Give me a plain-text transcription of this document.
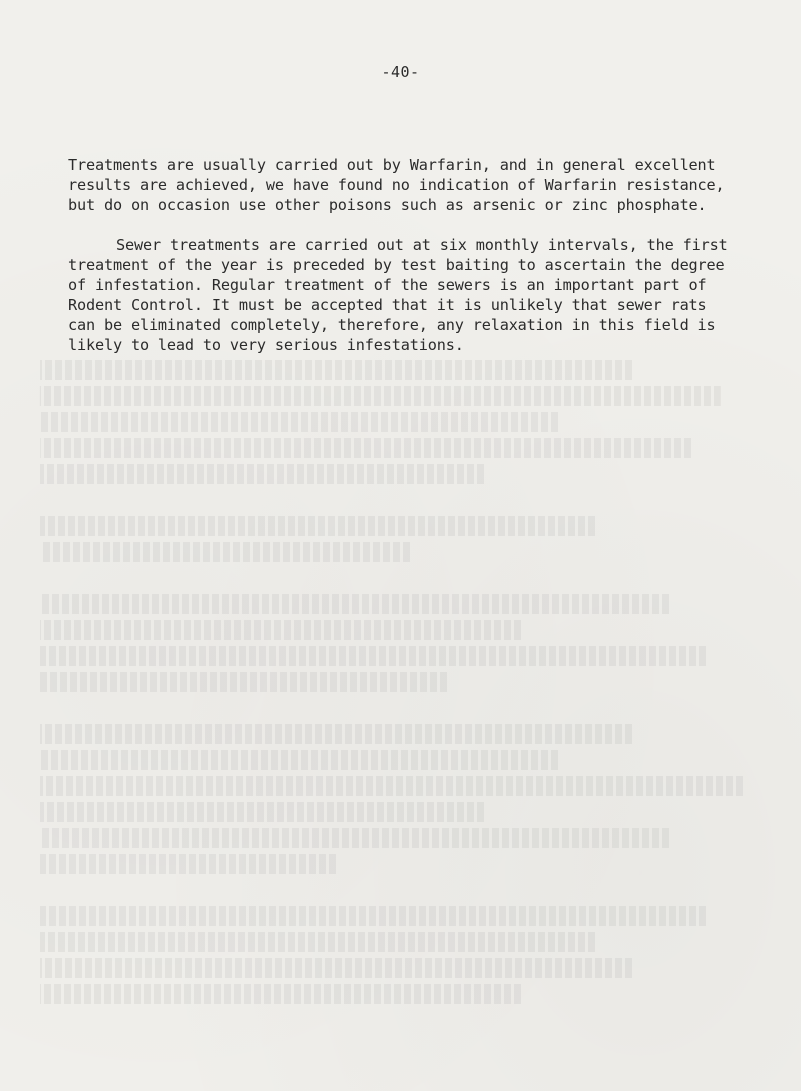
-40-

Treatments are usually carried out by Warfarin, and in general excellent
results are achieved, we have found no indication of Warfarin resistance,
but do on occasion use other poisons such as arsenic or zinc phosphate.

Sewer treatments are carried out at six monthly intervals, the first
treatment of the year is preceded by test baiting to ascertain the degree
of infestation. Regular treatment of the sewers is an important part of
Rodent Control. It must be accepted that it is unlikely that sewer rats
can be eliminated completely, therefore, any relaxation in this field is
likely to lead to very serious infestations.
